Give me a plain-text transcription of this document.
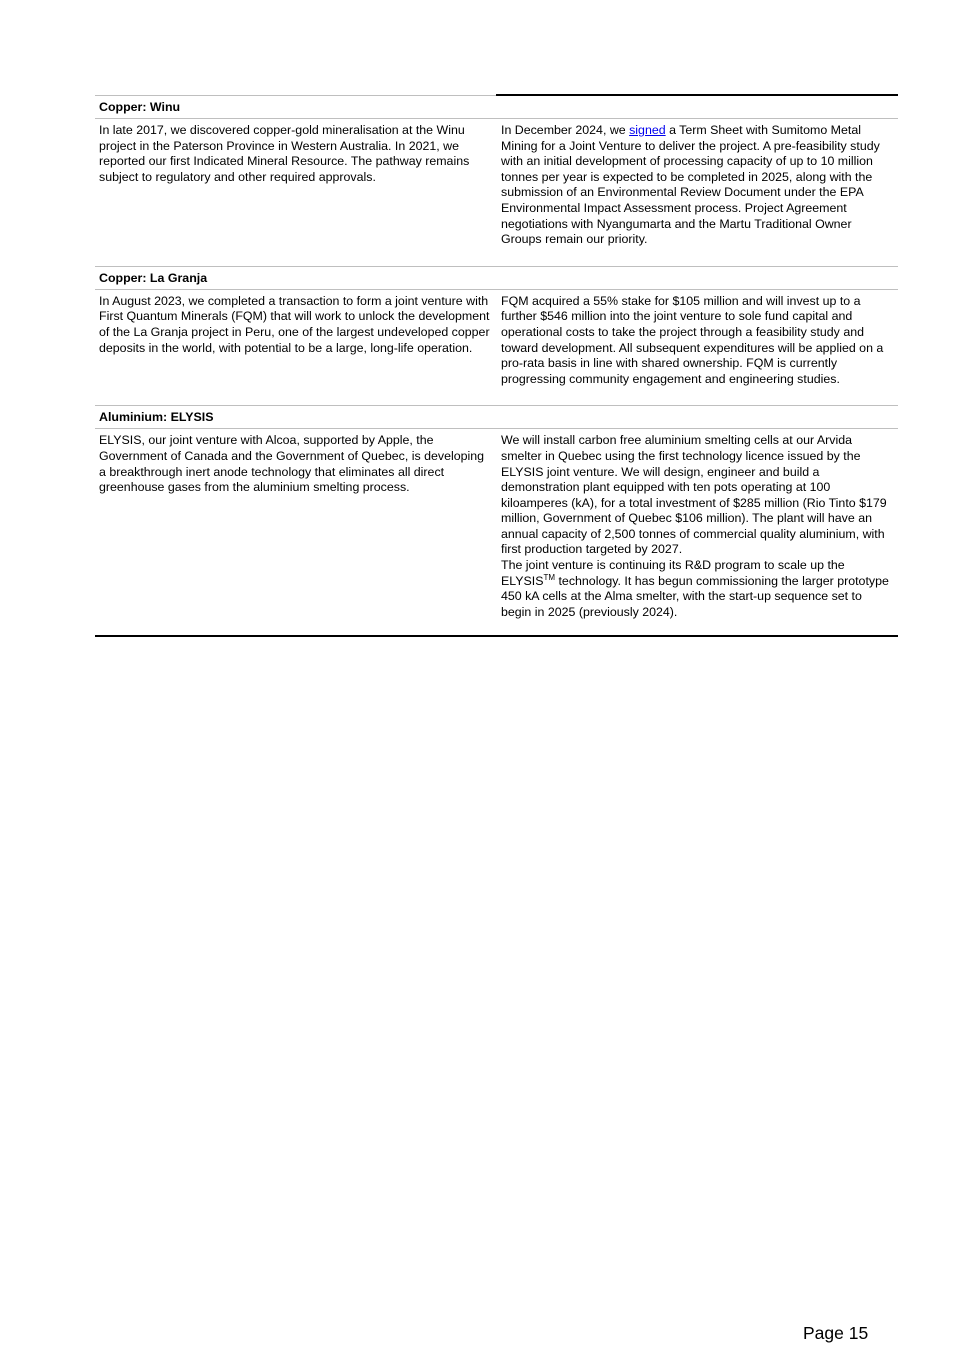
Copper: Winu
In late 2017, we discovered copper-gold mineralisation at the Winu project in the Paterson Province in Western Australia. In 2021, we reported our first Indicated Mineral Resource. The pathway remains subject to regulatory and other required approvals.
In December 2024, we signed a Term Sheet with Sumitomo Metal Mining for a Joint Venture to deliver the project. A pre-feasibility study with an initial development of processing capacity of up to 10 million tonnes per year is expected to be completed in 2025, along with the submission of an Environmental Review Document under the EPA Environmental Impact Assessment process. Project Agreement negotiations with Nyangumarta and the Martu Traditional Owner Groups remain our priority.
Copper: La Granja
In August 2023, we completed a transaction to form a joint venture with First Quantum Minerals (FQM) that will work to unlock the development of the La Granja project in Peru, one of the largest undeveloped copper deposits in the world, with potential to be a large, long-life operation.
FQM acquired a 55% stake for $105 million and will invest up to a further $546 million into the joint venture to sole fund capital and operational costs to take the project through a feasibility study and toward development. All subsequent expenditures will be applied on a pro-rata basis in line with shared ownership. FQM is currently progressing community engagement and engineering studies.
Aluminium: ELYSIS
ELYSIS, our joint venture with Alcoa, supported by Apple, the Government of Canada and the Government of Quebec, is developing a breakthrough inert anode technology that eliminates all direct greenhouse gases from the aluminium smelting process.

We will install carbon free aluminium smelting cells at our Arvida smelter in Quebec using the first technology licence issued by the ELYSIS joint venture. We will design, engineer and build a demonstration plant equipped with ten pots operating at 100 kiloamperes (kA), for a total investment of $285 million (Rio Tinto $179 million, Government of Quebec $106 million). The plant will have an annual capacity of 2,500 tonnes of commercial quality aluminium, with first production targeted by 2027.

The joint venture is continuing its R&D program to scale up the ELYSIS™ technology. It has begun commissioning the larger prototype 450 kA cells at the Alma smelter, with the start-up sequence set to begin in 2025 (previously 2024).

Page 15
